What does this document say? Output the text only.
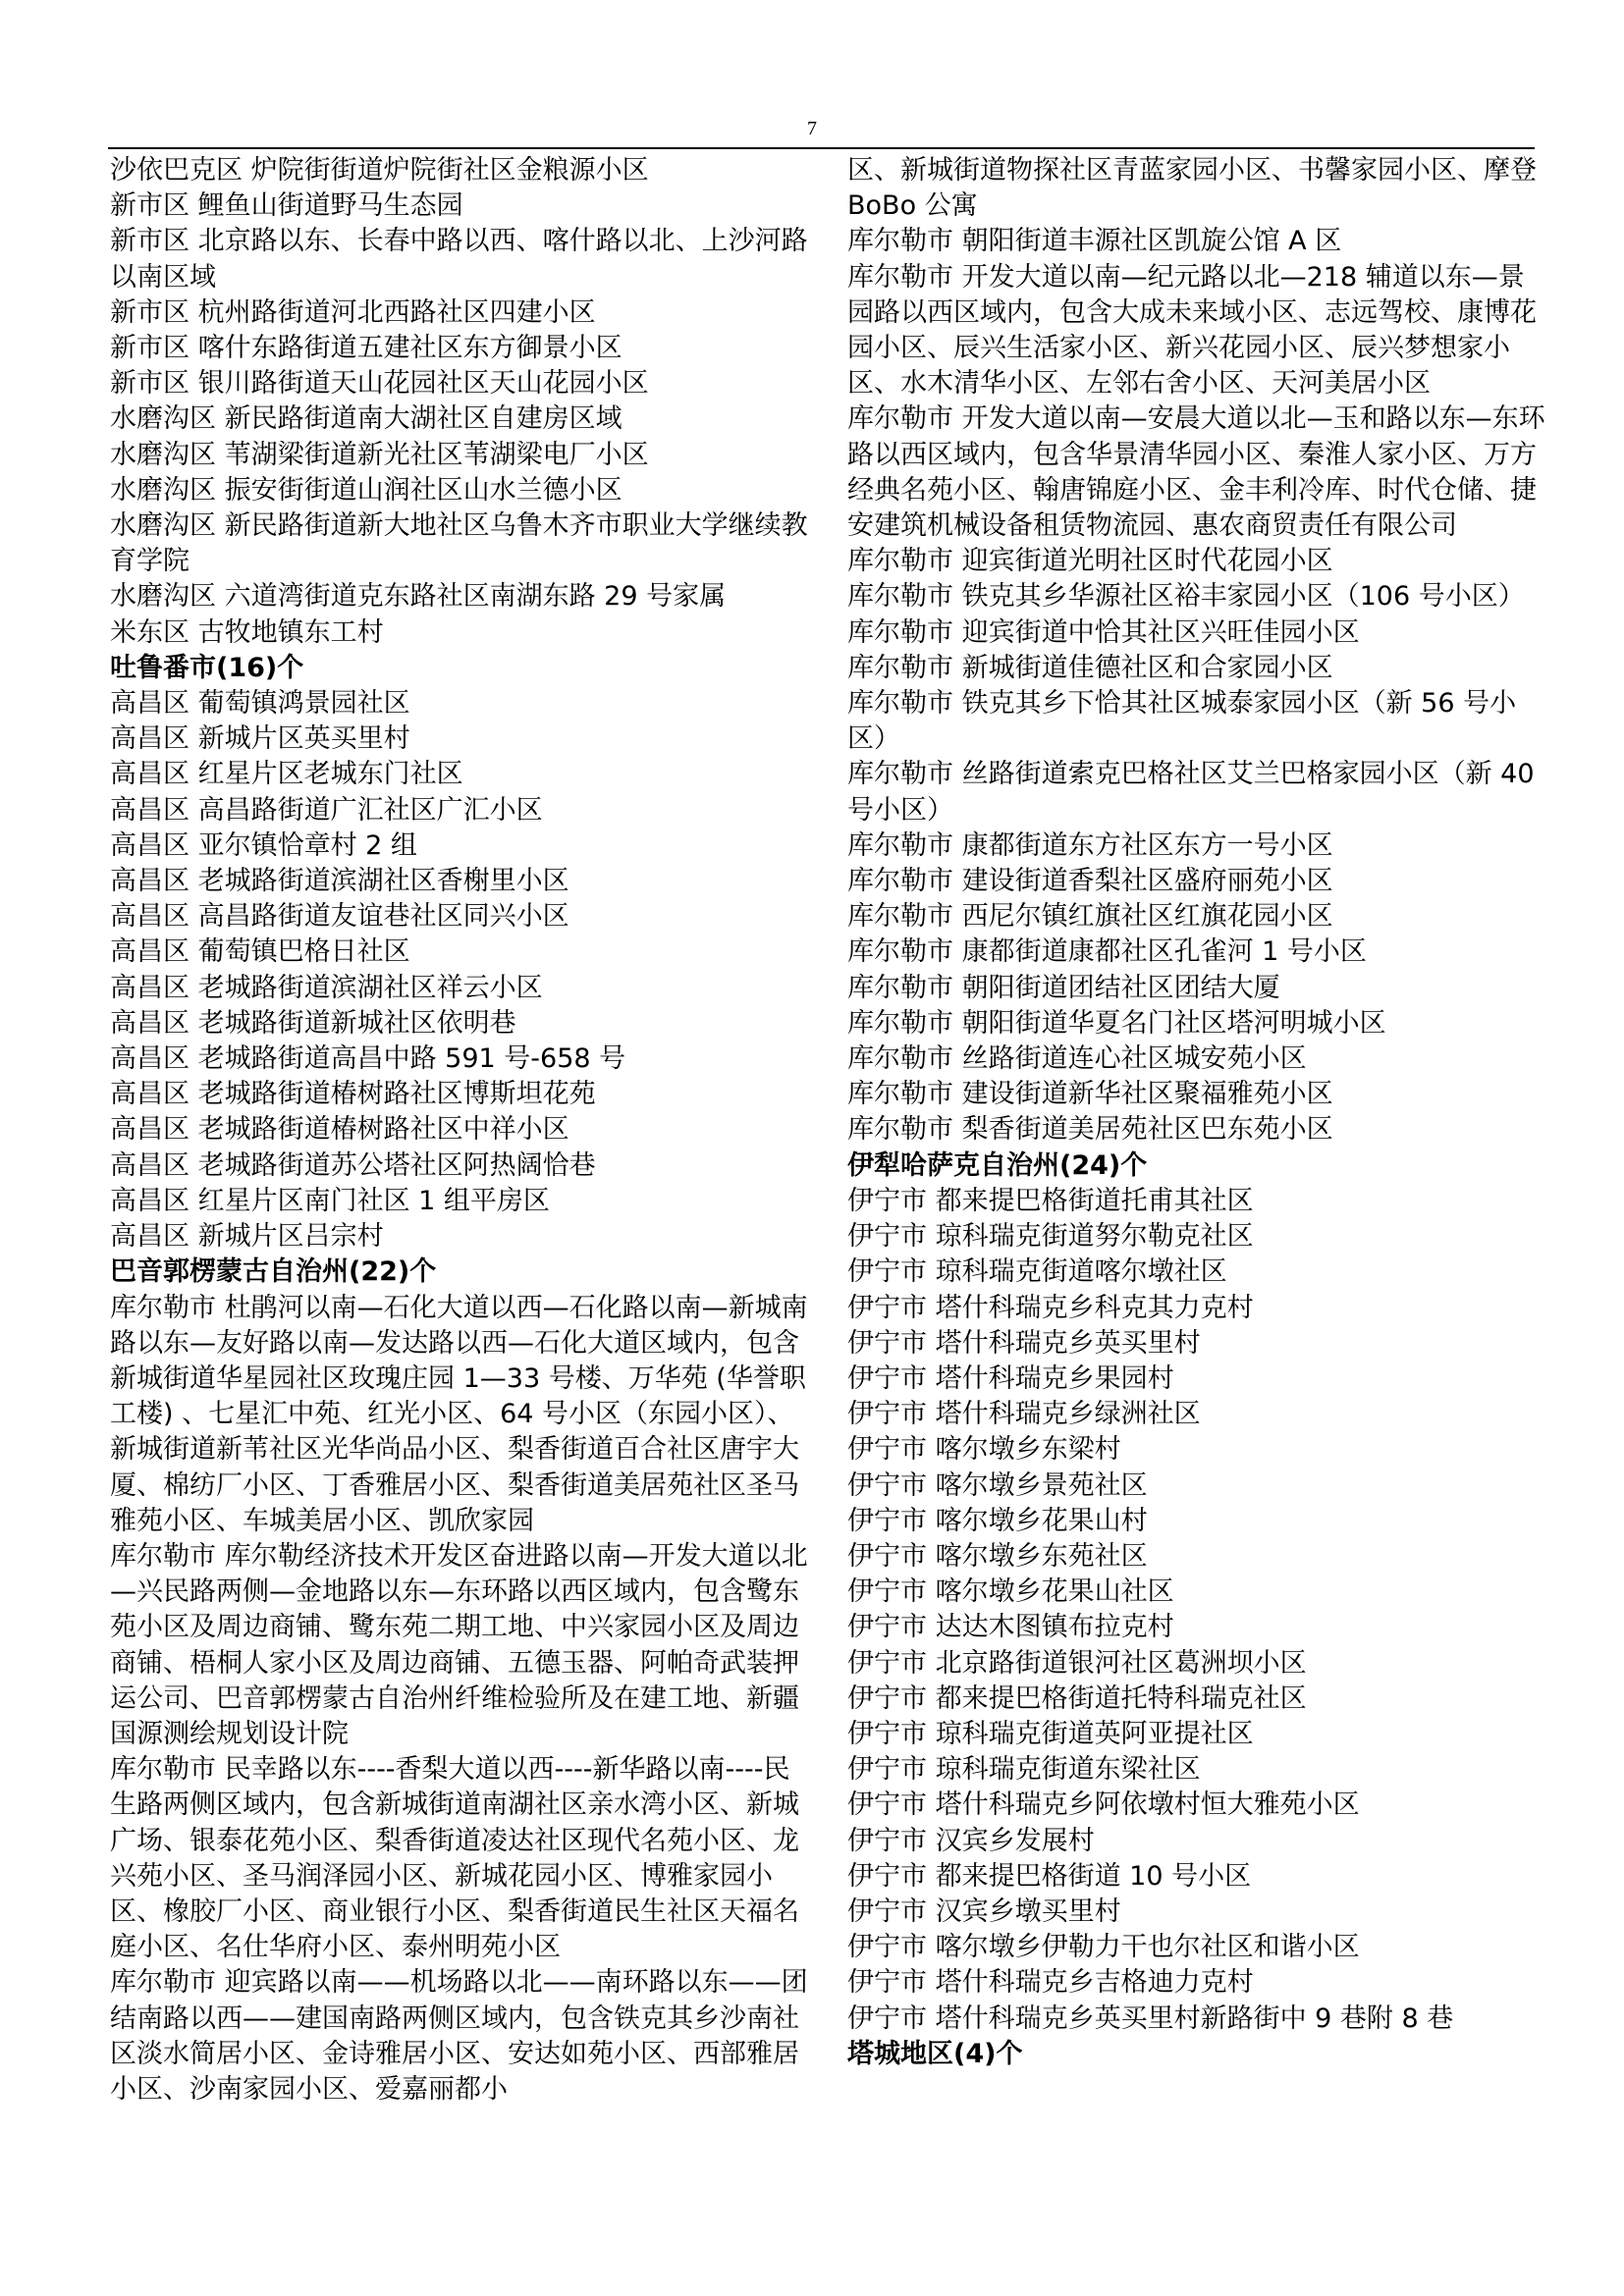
7

沙依巴克区 炉院街街道炉院街社区金粮源小区

新市区 鲤鱼山街道野马生态园

新市区 北京路以东、长春中路以西、喀什路以北、上沙河路以南区域

新市区 杭州路街道河北西路社区四建小区

新市区 喀什东路街道五建社区东方御景小区

新市区 银川路街道天山花园社区天山花园小区

水磨沟区 新民路街道南大湖社区自建房区域

水磨沟区 苇湖梁街道新光社区苇湖梁电厂小区

水磨沟区 振安街街道山润社区山水兰德小区

水磨沟区 新民路街道新大地社区乌鲁木齐市职业大学继续教育学院

水磨沟区 六道湾街道克东路社区南湖东路 29 号家属

米东区 古牧地镇东工村

吐鲁番市(16)个

高昌区 葡萄镇鸿景园社区

高昌区 新城片区英买里村

高昌区 红星片区老城东门社区

高昌区 高昌路街道广汇社区广汇小区

高昌区 亚尔镇恰章村 2 组

高昌区 老城路街道滨湖社区香榭里小区

高昌区 高昌路街道友谊巷社区同兴小区

高昌区 葡萄镇巴格日社区

高昌区 老城路街道滨湖社区祥云小区

高昌区 老城路街道新城社区依明巷

高昌区 老城路街道高昌中路 591 号-658 号

高昌区 老城路街道椿树路社区博斯坦花苑

高昌区 老城路街道椿树路社区中祥小区

高昌区 老城路街道苏公塔社区阿热阔恰巷

高昌区 红星片区南门社区 1 组平房区

高昌区 新城片区吕宗村

巴音郭楞蒙古自治州(22)个

库尔勒市 杜鹃河以南—石化大道以西—石化路以南—新城南路以东—友好路以南—发达路以西—石化大道区域内，包含新城街道华星园社区玫瑰庄园 1—33 号楼、万华苑 (华誉职工楼) 、七星汇中苑、红光小区、64 号小区（东园小区）、新城街道新苇社区光华尚品小区、梨香街道百合社区唐宇大厦、棉纺厂小区、丁香雅居小区、梨香街道美居苑社区圣马雅苑小区、车城美居小区、凯欣家园

库尔勒市 库尔勒经济技术开发区奋进路以南—开发大道以北—兴民路两侧—金地路以东—东环路以西区域内，包含鹭东苑小区及周边商铺、鹭东苑二期工地、中兴家园小区及周边商铺、梧桐人家小区及周边商铺、五德玉器、阿帕奇武装押运公司、巴音郭楞蒙古自治州纤维检验所及在建工地、新疆国源测绘规划设计院

库尔勒市 民幸路以东----香梨大道以西----新华路以南----民生路两侧区域内，包含新城街道南湖社区亲水湾小区、新城广场、银泰花苑小区、梨香街道凌达社区现代名苑小区、龙兴苑小区、圣马润泽园小区、新城花园小区、博雅家园小区、橡胶厂小区、商业银行小区、梨香街道民生社区天福名庭小区、名仕华府小区、泰州明苑小区

库尔勒市 迎宾路以南——机场路以北——南环路以东——团结南路以西——建国南路两侧区域内，包含铁克其乡沙南社区淡水简居小区、金诗雅居小区、安达如苑小区、西部雅居小区、沙南家园小区、爱嘉丽都小

区、新城街道物探社区青蓝家园小区、书馨家园小区、摩登 BoBo 公寓

库尔勒市 朝阳街道丰源社区凯旋公馆 A 区

库尔勒市 开发大道以南—纪元路以北—218 辅道以东—景园路以西区域内，包含大成未来域小区、志远驾校、康博花园小区、辰兴生活家小区、新兴花园小区、辰兴梦想家小区、水木清华小区、左邻右舍小区、天河美居小区

库尔勒市 开发大道以南—安晨大道以北—玉和路以东—东环路以西区域内，包含华景清华园小区、秦淮人家小区、万方经典名苑小区、翰唐锦庭小区、金丰利冷库、时代仓储、捷安建筑机械设备租赁物流园、惠农商贸责任有限公司

库尔勒市 迎宾街道光明社区时代花园小区

库尔勒市 铁克其乡华源社区裕丰家园小区（106 号小区）

库尔勒市 迎宾街道中恰其社区兴旺佳园小区

库尔勒市 新城街道佳德社区和合家园小区

库尔勒市 铁克其乡下恰其社区城泰家园小区（新 56 号小区）

库尔勒市 丝路街道索克巴格社区艾兰巴格家园小区（新 40 号小区）

库尔勒市 康都街道东方社区东方一号小区

库尔勒市 建设街道香梨社区盛府丽苑小区

库尔勒市 西尼尔镇红旗社区红旗花园小区

库尔勒市 康都街道康都社区孔雀河 1 号小区

库尔勒市 朝阳街道团结社区团结大厦

库尔勒市 朝阳街道华夏名门社区塔河明城小区

库尔勒市 丝路街道连心社区城安苑小区

库尔勒市 建设街道新华社区聚福雅苑小区

库尔勒市 梨香街道美居苑社区巴东苑小区

伊犁哈萨克自治州(24)个

伊宁市 都来提巴格街道托甫其社区

伊宁市 琼科瑞克街道努尔勒克社区

伊宁市 琼科瑞克街道喀尔墩社区

伊宁市 塔什科瑞克乡科克其力克村

伊宁市 塔什科瑞克乡英买里村

伊宁市 塔什科瑞克乡果园村

伊宁市 塔什科瑞克乡绿洲社区

伊宁市 喀尔墩乡东梁村

伊宁市 喀尔墩乡景苑社区

伊宁市 喀尔墩乡花果山村

伊宁市 喀尔墩乡东苑社区

伊宁市 喀尔墩乡花果山社区

伊宁市 达达木图镇布拉克村

伊宁市 北京路街道银河社区葛洲坝小区

伊宁市 都来提巴格街道托特科瑞克社区

伊宁市 琼科瑞克街道英阿亚提社区

伊宁市 琼科瑞克街道东梁社区

伊宁市 塔什科瑞克乡阿依墩村恒大雅苑小区

伊宁市 汉宾乡发展村

伊宁市 都来提巴格街道 10 号小区

伊宁市 汉宾乡墩买里村

伊宁市 喀尔墩乡伊勒力干也尔社区和谐小区

伊宁市 塔什科瑞克乡吉格迪力克村

伊宁市 塔什科瑞克乡英买里村新路街中 9 巷附 8 巷

塔城地区(4)个
